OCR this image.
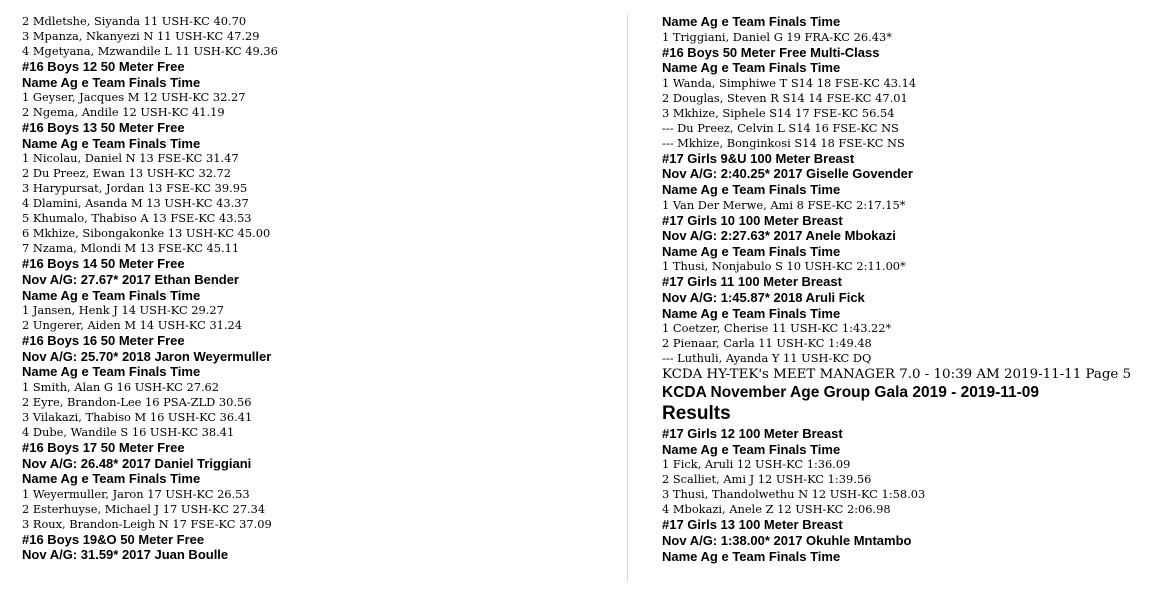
2 Mdletshe, Siyanda 11 USH-KC 40.70
3 Mpanza, Nkanyezi N 11 USH-KC 47.29
4 Mgetyana, Mzwandile L 11 USH-KC 49.36
#16 Boys 12 50 Meter Free
Name Ag e Team Finals Time
1 Geyser, Jacques M 12 USH-KC 32.27
2 Ngema, Andile 12 USH-KC 41.19
#16 Boys 13 50 Meter Free
Name Ag e Team Finals Time
1 Nicolau, Daniel N 13 FSE-KC 31.47
2 Du Preez, Ewan 13 USH-KC 32.72
3 Harypursat, Jordan 13 FSE-KC 39.95
4 Dlamini, Asanda M 13 USH-KC 43.37
5 Khumalo, Thabiso A 13 FSE-KC 43.53
6 Mkhize, Sibongakonke 13 USH-KC 45.00
7 Nzama, Mlondi M 13 FSE-KC 45.11
#16 Boys 14 50 Meter Free
Nov A/G: 27.67* 2017 Ethan Bender
Name Ag e Team Finals Time
1 Jansen, Henk J 14 USH-KC 29.27
2 Ungerer, Aiden M 14 USH-KC 31.24
#16 Boys 16 50 Meter Free
Nov A/G: 25.70* 2018 Jaron Weyermuller
Name Ag e Team Finals Time
1 Smith, Alan G 16 USH-KC 27.62
2 Eyre, Brandon-Lee 16 PSA-ZLD 30.56
3 Vilakazi, Thabiso M 16 USH-KC 36.41
4 Dube, Wandile S 16 USH-KC 38.41
#16 Boys 17 50 Meter Free
Nov A/G: 26.48* 2017 Daniel Triggiani
Name Ag e Team Finals Time
1 Weyermuller, Jaron 17 USH-KC 26.53
2 Esterhuyse, Michael J 17 USH-KC 27.34
3 Roux, Brandon-Leigh N 17 FSE-KC 37.09
#16 Boys 19&O 50 Meter Free
Nov A/G: 31.59* 2017 Juan Boulle
Name Ag e Team Finals Time
1 Triggiani, Daniel G 19 FRA-KC 26.43*
#16 Boys 50 Meter Free Multi-Class
Name Ag e Team Finals Time
1 Wanda, Simphiwe T S14 18 FSE-KC 43.14
2 Douglas, Steven R S14 14 FSE-KC 47.01
3 Mkhize, Siphele S14 17 FSE-KC 56.54
--- Du Preez, Celvin L S14 16 FSE-KC NS
--- Mkhize, Bonginkosi S14 18 FSE-KC NS
#17 Girls 9&U 100 Meter Breast
Nov A/G: 2:40.25* 2017 Giselle Govender
Name Ag e Team Finals Time
1 Van Der Merwe, Ami 8 FSE-KC 2:17.15*
#17 Girls 10 100 Meter Breast
Nov A/G: 2:27.63* 2017 Anele Mbokazi
Name Ag e Team Finals Time
1 Thusi, Nonjabulo S 10 USH-KC 2:11.00*
#17 Girls 11 100 Meter Breast
Nov A/G: 1:45.87* 2018 Aruli Fick
Name Ag e Team Finals Time
1 Coetzer, Cherise 11 USH-KC 1:43.22*
2 Pienaar, Carla 11 USH-KC 1:49.48
--- Luthuli, Ayanda Y 11 USH-KC DQ
KCDA HY-TEK's MEET MANAGER 7.0 - 10:39 AM 2019-11-11 Page 5
KCDA November Age Group Gala 2019 - 2019-11-09
Results
#17 Girls 12 100 Meter Breast
Name Ag e Team Finals Time
1 Fick, Aruli 12 USH-KC 1:36.09
2 Scalliet, Ami J 12 USH-KC 1:39.56
3 Thusi, Thandolwethu N 12 USH-KC 1:58.03
4 Mbokazi, Anele Z 12 USH-KC 2:06.98
#17 Girls 13 100 Meter Breast
Nov A/G: 1:38.00* 2017 Okuhle Mntambo
Name Ag e Team Finals Time
